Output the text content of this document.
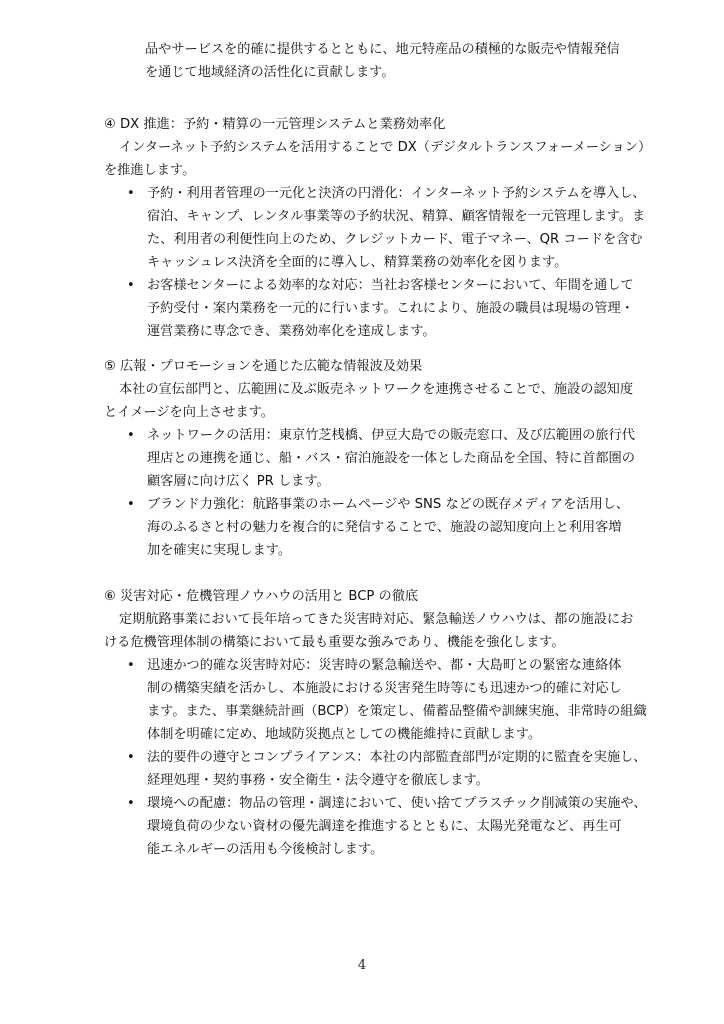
品やサービスを的確に提供するとともに、地元特産品の積極的な販売や情報発信
を通じて地域経済の活性化に貢献します。
④ DX 推進：予約・精算の一元管理システムと業務効率化
インターネット予約システムを活用することで DX（デジタルトランスフォーメーション）
を推進します。
• 予約・利用者管理の一元化と決済の円滑化：インターネット予約システムを導入し、
宿泊、キャンプ、レンタル事業等の予約状況、精算、顧客情報を一元管理します。ま
た、利用者の利便性向上のため、クレジットカード、電子マネー、QR コードを含む
キャッシュレス決済を全面的に導入し、精算業務の効率化を図ります。
• お客様センターによる効率的な対応：当社お客様センターにおいて、年間を通して
予約受付・案内業務を一元的に行います。これにより、施設の職員は現場の管理・
運営業務に専念でき、業務効率化を達成します。
⑤ 広報・プロモーションを通じた広範な情報波及効果
本社の宣伝部門と、広範囲に及ぶ販売ネットワークを連携させることで、施設の認知度
とイメージを向上させます。
• ネットワークの活用：東京竹芝桟橋、伊豆大島での販売窓口、及び広範囲の旅行代
理店との連携を通じ、船・バス・宿泊施設を一体とした商品を全国、特に首都圏の
顧客層に向け広く PR します。
• ブランド力強化：航路事業のホームページや SNS などの既存メディアを活用し、
海のふるさと村の魅力を複合的に発信することで、施設の認知度向上と利用客増
加を確実に実現します。
⑥ 災害対応・危機管理ノウハウの活用と BCP の徹底
定期航路事業において長年培ってきた災害時対応、緊急輸送ノウハウは、都の施設にお
ける危機管理体制の構築において最も重要な強みであり、機能を強化します。
• 迅速かつ的確な災害時対応：災害時の緊急輸送や、都・大島町との緊密な連絡体
制の構築実績を活かし、本施設における災害発生時等にも迅速かつ的確に対応し
ます。また、事業継続計画（BCP）を策定し、備蓄品整備や訓練実施、非常時の組織
体制を明確に定め、地域防災拠点としての機能維持に貢献します。
• 法的要件の遵守とコンプライアンス：本社の内部監査部門が定期的に監査を実施し、
経理処理・契約事務・安全衛生・法令遵守を徹底します。
• 環境への配慮：物品の管理・調達において、使い捨てプラスチック削減策の実施や、
環境負荷の少ない資材の優先調達を推進するとともに、太陽光発電など、再生可
能エネルギーの活用も今後検討します。
4
